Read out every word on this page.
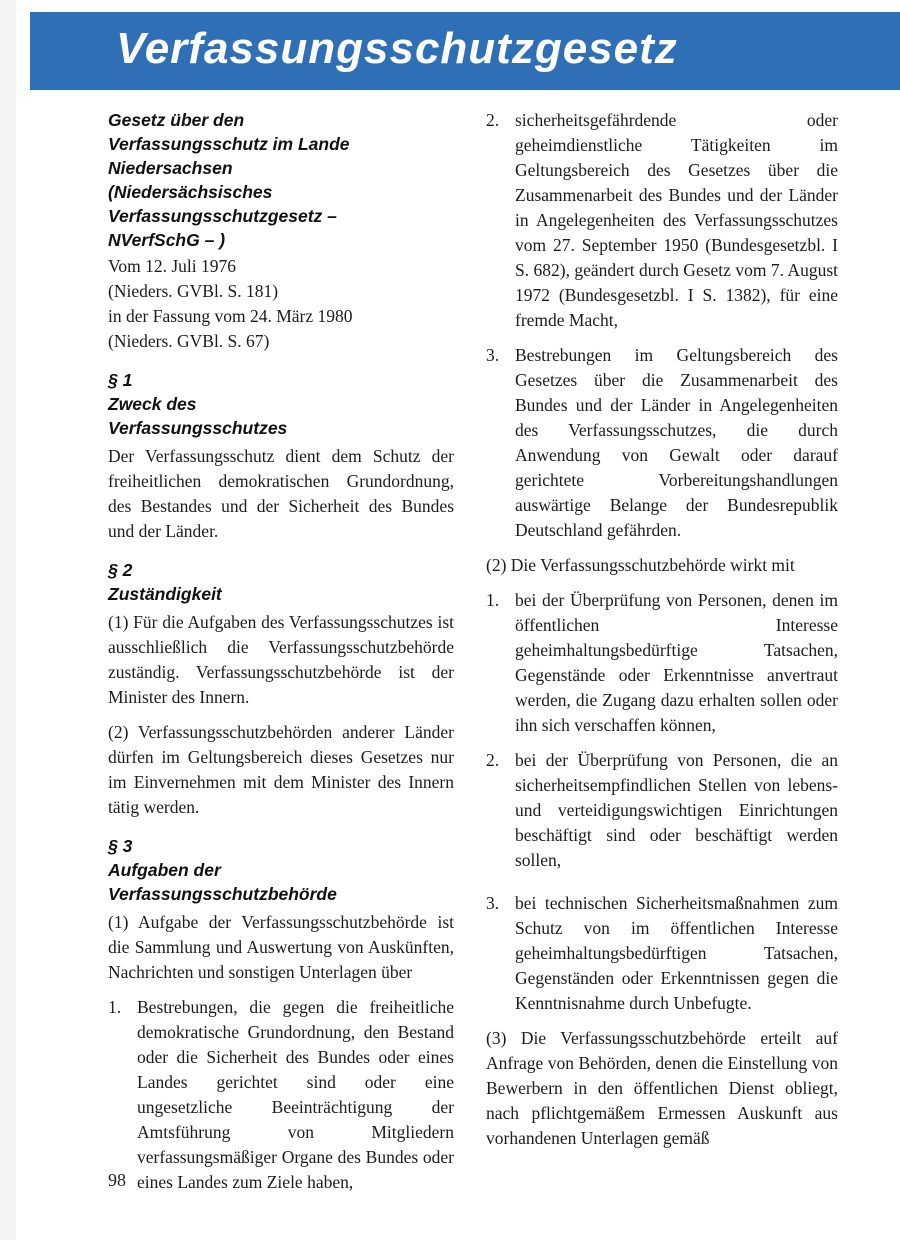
Verfassungsschutzgesetz
Gesetz über den
Verfassungsschutz im Lande
Niedersachsen
(Niedersächsisches
Verfassungsschutzgesetz –
NVerfSchG – )
Vom 12. Juli 1976
(Nieders. GVBl. S. 181)
in der Fassung vom 24. März 1980
(Nieders. GVBl. S. 67)
§ 1
Zweck des
Verfassungsschutzes

Der Verfassungsschutz dient dem Schutz der freiheitlichen demokratischen Grundordnung, des Bestandes und der Sicherheit des Bundes und der Länder.

§ 2
Zuständigkeit

(1) Für die Aufgaben des Verfassungsschutzes ist ausschließlich die Verfassungsschutzbehörde zuständig. Verfassungsschutzbehörde ist der Minister des Innern.

(2) Verfassungsschutzbehörden anderer Länder dürfen im Geltungsbereich dieses Gesetzes nur im Einvernehmen mit dem Minister des Innern tätig werden.

§ 3
Aufgaben der
Verfassungsschutzbehörde

(1) Aufgabe der Verfassungsschutzbehörde ist die Sammlung und Auswertung von Auskünften, Nachrichten und sonstigen Unterlagen über

1. Bestrebungen, die gegen die freiheitliche demokratische Grundordnung, den Bestand oder die Sicherheit des Bundes oder eines Landes gerichtet sind oder eine ungesetzliche Beeinträchtigung der Amtsführung von Mitgliedern verfassungsmäßiger Organe des Bundes oder eines Landes zum Ziele haben,
2. sicherheitsgefährdende oder geheimdienstliche Tätigkeiten im Geltungsbereich des Gesetzes über die Zusammenarbeit des Bundes und der Länder in Angelegenheiten des Verfassungsschutzes vom 27. September 1950 (Bundesgesetzbl. I S. 682), geändert durch Gesetz vom 7. August 1972 (Bundesgesetzbl. I S. 1382), für eine fremde Macht,
3. Bestrebungen im Geltungsbereich des Gesetzes über die Zusammenarbeit des Bundes und der Länder in Angelegenheiten des Verfassungsschutzes, die durch Anwendung von Gewalt oder darauf gerichtete Vorbereitungshandlungen auswärtige Belange der Bundesrepublik Deutschland gefährden.

(2) Die Verfassungsschutzbehörde wirkt mit

1. bei der Überprüfung von Personen, denen im öffentlichen Interesse geheimhaltungsbedürftige Tatsachen, Gegenstände oder Erkenntnisse anvertraut werden, die Zugang dazu erhalten sollen oder ihn sich verschaffen können,
2. bei der Überprüfung von Personen, die an sicherheitsempfindlichen Stellen von lebens- und verteidigungswichtigen Einrichtungen beschäftigt sind oder beschäftigt werden sollen,
3. bei technischen Sicherheitsmaßnahmen zum Schutz von im öffentlichen Interesse geheimhaltungsbedürftigen Tatsachen, Gegenständen oder Erkenntnissen gegen die Kenntnisnahme durch Unbefugte.

(3) Die Verfassungsschutzbehörde erteilt auf Anfrage von Behörden, denen die Einstellung von Bewerbern in den öffentlichen Dienst obliegt, nach pflichtgemäßem Ermessen Auskunft aus vorhandenen Unterlagen gemäß

98
